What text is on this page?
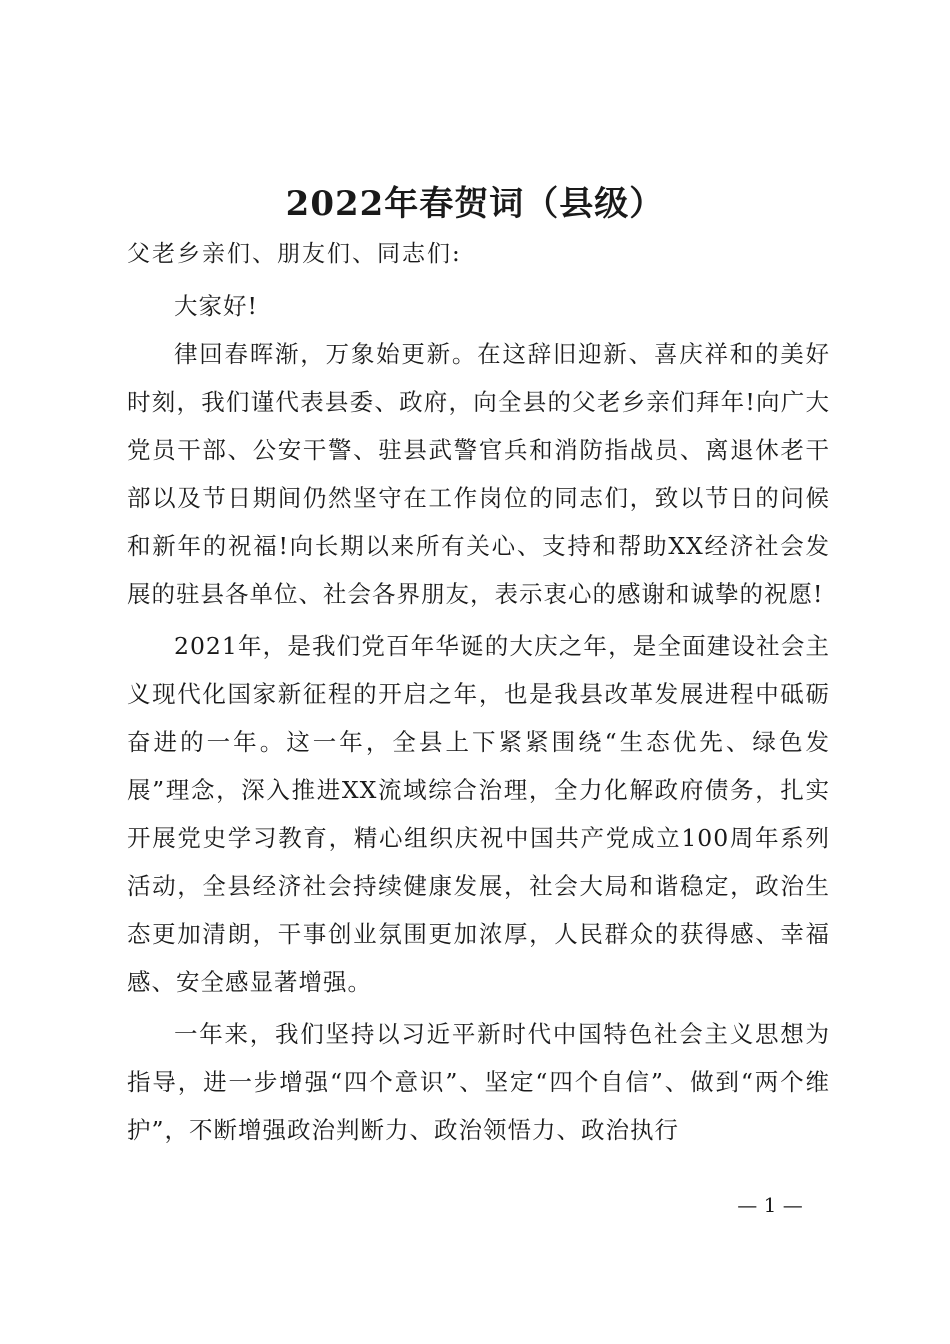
2022年春贺词（县级）
父老乡亲们、朋友们、同志们:

大家好!

律回春晖渐，万象始更新。在这辞旧迎新、喜庆祥和的美好时刻，我们谨代表县委、政府，向全县的父老乡亲们拜年!向广大党员干部、公安干警、驻县武警官兵和消防指战员、离退休老干部以及节日期间仍然坚守在工作岗位的同志们，致以节日的问候和新年的祝福!向长期以来所有关心、支持和帮助XX经济社会发展的驻县各单位、社会各界朋友，表示衷心的感谢和诚挚的祝愿!

2021年，是我们党百年华诞的大庆之年，是全面建设社会主义现代化国家新征程的开启之年，也是我县改革发展进程中砥砺奋进的一年。这一年，全县上下紧紧围绕“生态优先、绿色发展”理念，深入推进XX流域综合治理，全力化解政府债务，扎实开展党史学习教育，精心组织庆祝中国共产党成立100周年系列活动，全县经济社会持续健康发展，社会大局和谐稳定，政治生态更加清朗，干事创业氛围更加浓厚，人民群众的获得感、幸福感、安全感显著增强。

一年来，我们坚持以习近平新时代中国特色社会主义思想为指导，进一步增强“四个意识”、坚定“四个自信”、做到“两个维护”，不断增强政治判断力、政治领悟力、政治执行

— 1 —
